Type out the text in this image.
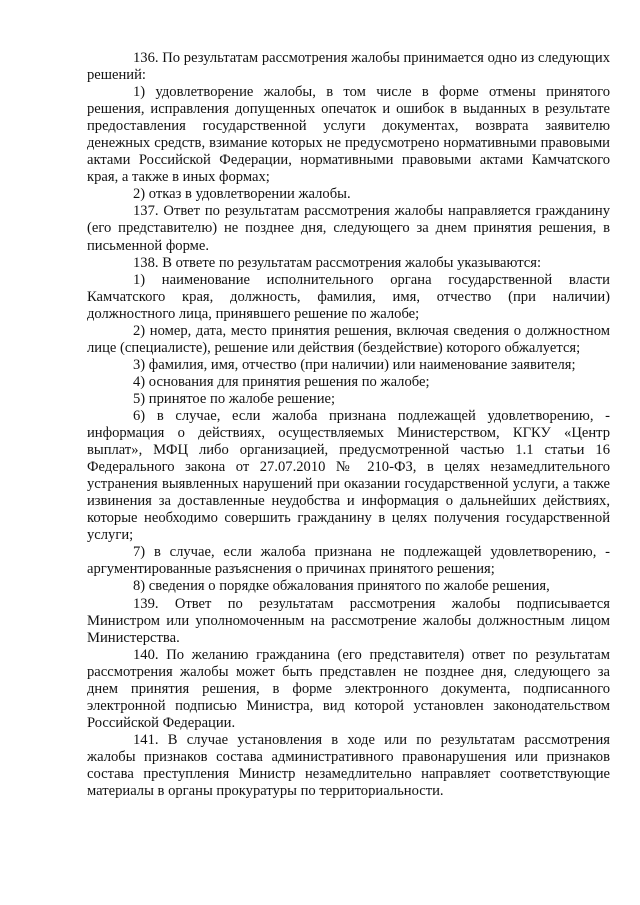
136. По результатам рассмотрения жалобы принимается одно из следующих решений:

1) удовлетворение жалобы, в том числе в форме отмены принятого решения, исправления допущенных опечаток и ошибок в выданных в результате предоставления государственной услуги документах, возврата заявителю денежных средств, взимание которых не предусмотрено нормативными правовыми актами Российской Федерации, нормативными правовыми актами Камчатского края, а также в иных формах;

2) отказ в удовлетворении жалобы.

137. Ответ по результатам рассмотрения жалобы направляется гражданину (его представителю) не позднее дня, следующего за днем принятия решения, в письменной форме.

138. В ответе по результатам рассмотрения жалобы указываются:

1) наименование исполнительного органа государственной власти Камчатского края, должность, фамилия, имя, отчество (при наличии) должностного лица, принявшего решение по жалобе;

2) номер, дата, место принятия решения, включая сведения о должностном лице (специалисте), решение или действия (бездействие) которого обжалуется;

3) фамилия, имя, отчество (при наличии) или наименование заявителя;

4) основания для принятия решения по жалобе;

5) принятое по жалобе решение;

6) в случае, если жалоба признана подлежащей удовлетворению, - информация о действиях, осуществляемых Министерством, КГКУ «Центр выплат», МФЦ либо организацией, предусмотренной частью 1.1 статьи 16 Федерального закона от 27.07.2010 № 210-ФЗ, в целях незамедлительного устранения выявленных нарушений при оказании государственной услуги, а также извинения за доставленные неудобства и информация о дальнейших действиях, которые необходимо совершить гражданину в целях получения государственной услуги;

7) в случае, если жалоба признана не подлежащей удовлетворению, - аргументированные разъяснения о причинах принятого решения;

8) сведения о порядке обжалования принятого по жалобе решения,

139. Ответ по результатам рассмотрения жалобы подписывается Министром или уполномоченным на рассмотрение жалобы должностным лицом Министерства.

140. По желанию гражданина (его представителя) ответ по результатам рассмотрения жалобы может быть представлен не позднее дня, следующего за днем принятия решения, в форме электронного документа, подписанного электронной подписью Министра, вид которой установлен законодательством Российской Федерации.

141. В случае установления в ходе или по результатам рассмотрения жалобы признаков состава административного правонарушения или признаков состава преступления Министр незамедлительно направляет соответствующие материалы в органы прокуратуры по территориальности.
